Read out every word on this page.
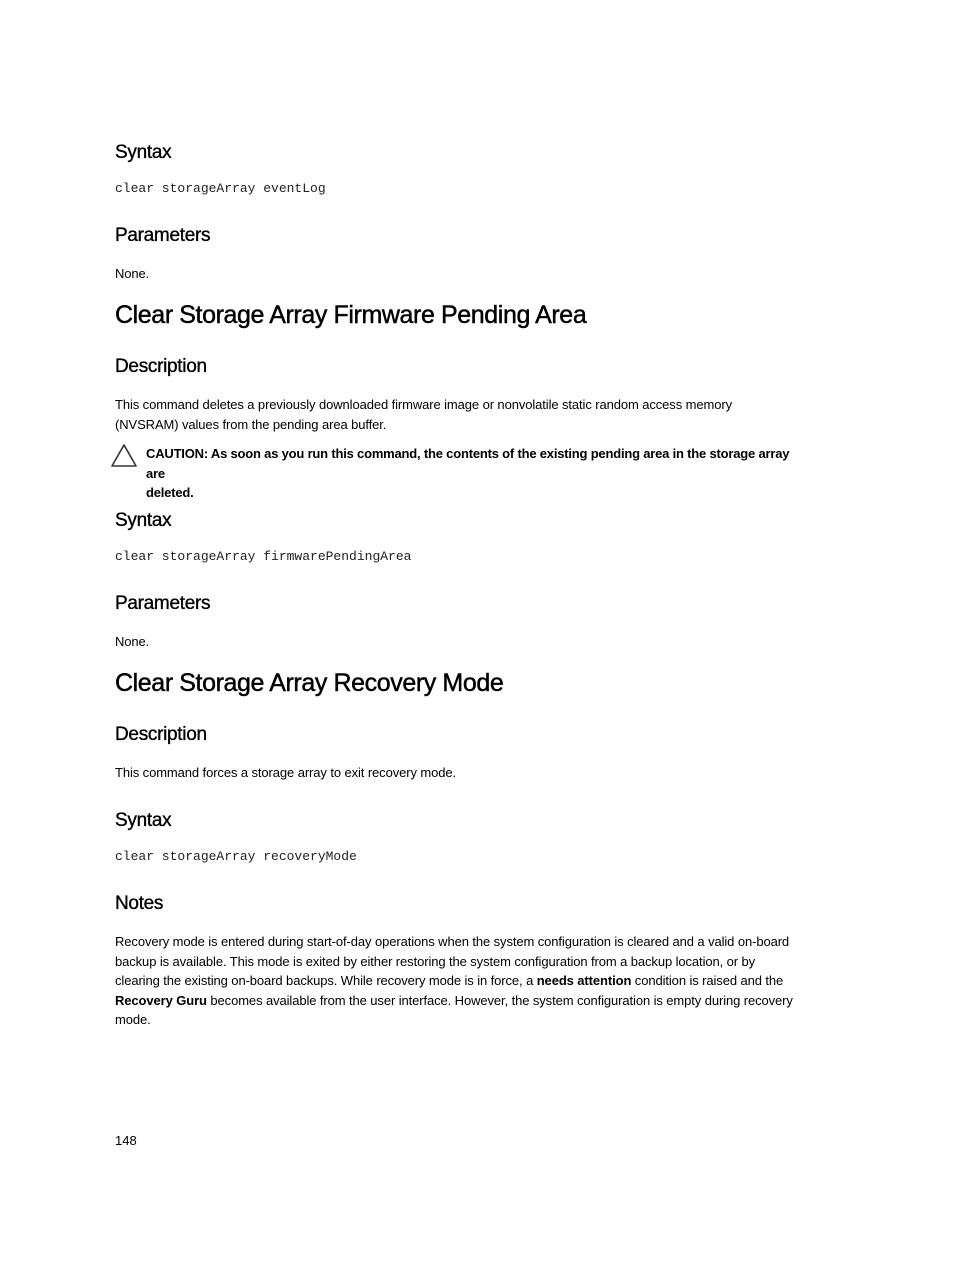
Syntax
clear storageArray eventLog
Parameters
None.
Clear Storage Array Firmware Pending Area
Description
This command deletes a previously downloaded firmware image or nonvolatile static random access memory
(NVSRAM) values from the pending area buffer.
CAUTION: As soon as you run this command, the contents of the existing pending area in the storage array are
deleted.
Syntax
clear storageArray firmwarePendingArea
Parameters
None.
Clear Storage Array Recovery Mode
Description
This command forces a storage array to exit recovery mode.
Syntax
clear storageArray recoveryMode
Notes
Recovery mode is entered during start-of-day operations when the system configuration is cleared and a valid on-board
backup is available. This mode is exited by either restoring the system configuration from a backup location, or by
clearing the existing on-board backups. While recovery mode is in force, a needs attention condition is raised and the
Recovery Guru becomes available from the user interface. However, the system configuration is empty during recovery
mode.
148
